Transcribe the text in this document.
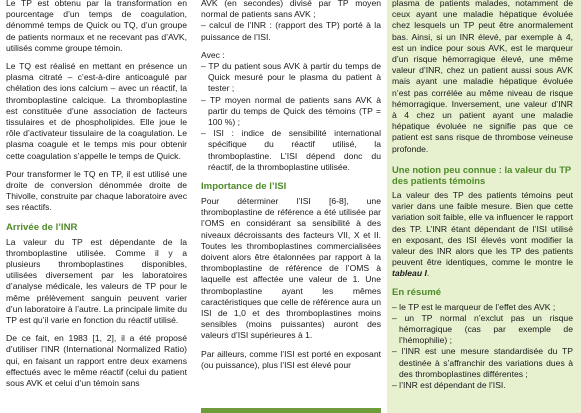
Le TP est obtenu par la transformation en pourcentage d’un temps de coagulation, dénommé temps de Quick ou TQ, d’un groupe de patients normaux et ne recevant pas d’AVK, utilisés comme groupe témoin.

Le TQ est réalisé en mettant en présence un plasma citraté – c’est-à-dire anticoagulé par chélation des ions calcium – avec un réactif, la thromboplastine calcique. La thromboplastine est constituée d’une association de facteurs tissulaires et de phospholipides. Elle joue le rôle d’activateur tissulaire de la coagulation. Le plasma coagule et le temps mis pour obtenir cette coagulation s’appelle le temps de Quick.

Pour transformer le TQ en TP, il est utilisé une droite de conversion dénommée droite de Thivolle, construite par chaque laboratoire avec ses réactifs.

Arrivée de l’INR

La valeur du TP est dépendante de la thromboplastine utilisée. Comme il y a plusieurs thromboplastines disponibles, utilisées diversement par les laboratoires d’analyse médicale, les valeurs de TP pour le même prélèvement sanguin peuvent varier d’un laboratoire à l’autre. La principale limite du TP est qu’il varie en fonction du réactif utilisé.

De ce fait, en 1983 [1, 2], il a été proposé d’utiliser l’INR (International Normalized Ratio) qui, en faisant un rapport entre deux examens effectués avec le même réactif (celui du patient sous AVK et celui d’un témoin sans

AVK (en secondes) divisé par TP moyen normal de patients sans AVK ;

– calcul de l’INR : (rapport des TP) porté à la puissance de l’ISI.

Avec :

– TP du patient sous AVK à partir du temps de Quick mesuré pour le plasma du patient à tester ;
– TP moyen normal de patients sans AVK à partir du temps de Quick des témoins (TP = 100 %) ;
– ISI : indice de sensibilité international spécifique du réactif utilisé, la thromboplastine. L’ISI dépend donc du réactif, de la thromboplastine utilisée.
Importance de l’ISI

Pour déterminer l’ISI [6-8], une thromboplastine de référence a été utilisée par l’OMS en considérant sa sensibilité à des niveaux décroissants des facteurs VII, X et II. Toutes les thromboplastines commercialisées doivent alors être étalonnées par rapport à la thromboplastine de référence de l’OMS à laquelle est affectée une valeur de 1. Une thromboplastine ayant les mêmes caractéristiques que celle de référence aura un ISI de 1,0 et des thromboplastines moins sensibles (moins puissantes) auront des valeurs d’ISI supérieures à 1.

Par ailleurs, comme l’ISI est porté en exposant (ou puissance), plus l’ISI est élevé pour

plasma de patients malades, notamment de ceux ayant une maladie hépatique évoluée chez lesquels un TP peut être anormalement bas. Ainsi, si un INR élevé, par exemple à 4, est un indice pour sous AVK, est le marqueur d’un risque hémorragique élevé, une même valeur d’INR, chez un patient aussi sous AVK mais ayant une maladie hépatique évoluée n’est pas corrélée au même niveau de risque hémorragique. Inversement, une valeur d’INR à 4 chez un patient ayant une maladie hépatique évoluée ne signifie pas que ce patient est sans risque de thrombose veineuse profonde.

Une notion peu connue : la valeur du TP des patients témoins

La valeur des TP des patients témoins peut varier dans une faible mesure. Bien que cette variation soit faible, elle va influencer le rapport des TP. L’INR étant dépendant de l’ISI utilisé en exposant, des ISI élevés vont modifier la valeur des INR alors que les TP des patients peuvent être identiques, comme le montre le tableau I.

En résumé
– le TP est le marqueur de l’effet des AVK ;
– un TP normal n’exclut pas un risque hémorragique (cas par exemple de l’hémophilie) ;
– l’INR est une mesure standardisée du TP destinée à s’affranchir des variations dues à des thromboplastines différentes ;
– l’INR est dépendant de l’ISI.
